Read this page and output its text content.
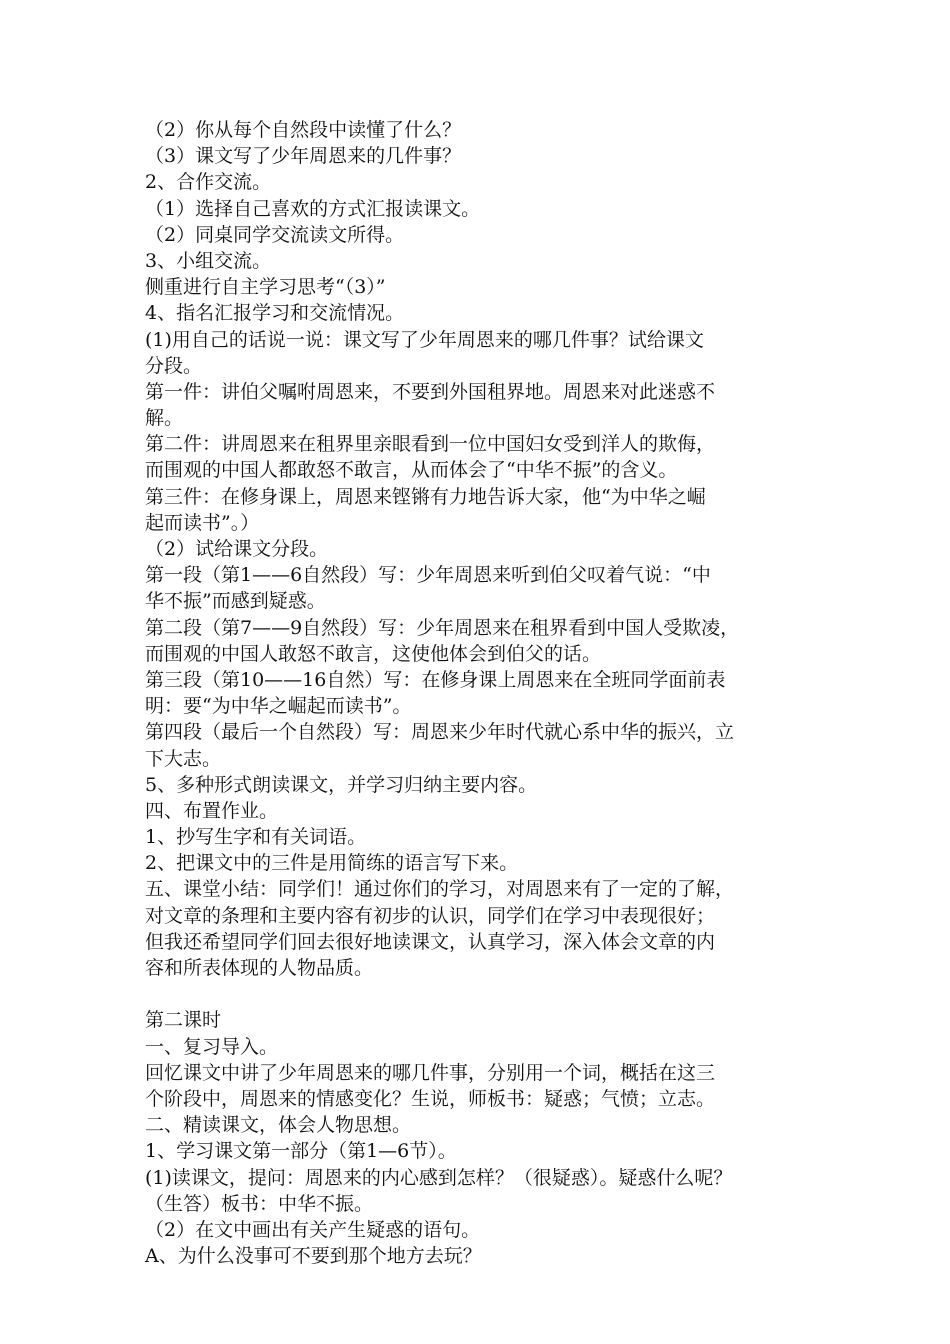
（2）你从每个自然段中读懂了什么？
（3）课文写了少年周恩来的几件事？
2、合作交流。
（1）选择自己喜欢的方式汇报读课文。
（2）同桌同学交流读文所得。
3、小组交流。
侧重进行自主学习思考“（3）”
4、指名汇报学习和交流情况。
(1)用自己的话说一说：课文写了少年周恩来的哪几件事？试给课文
分段。
第一件：讲伯父嘱咐周恩来，不要到外国租界地。周恩来对此迷惑不
解。
第二件：讲周恩来在租界里亲眼看到一位中国妇女受到洋人的欺侮，
而围观的中国人都敢怒不敢言，从而体会了“中华不振”的含义。
第三件：在修身课上，周恩来铿锵有力地告诉大家，他“为中华之崛
起而读书”。）
（2）试给课文分段。
第一段（第1——6自然段）写：少年周恩来听到伯父叹着气说：“中
华不振”而感到疑惑。
第二段（第7——9自然段）写：少年周恩来在租界看到中国人受欺凌，
而围观的中国人敢怒不敢言，这使他体会到伯父的话。
第三段（第10——16自然）写：在修身课上周恩来在全班同学面前表
明：要“为中华之崛起而读书”。
第四段（最后一个自然段）写：周恩来少年时代就心系中华的振兴，立
下大志。
5、多种形式朗读课文，并学习归纳主要内容。
四、布置作业。
1、抄写生字和有关词语。
2、把课文中的三件是用简练的语言写下来。
五、课堂小结：同学们！通过你们的学习，对周恩来有了一定的了解，
对文章的条理和主要内容有初步的认识，同学们在学习中表现很好；
但我还希望同学们回去很好地读课文，认真学习，深入体会文章的内
容和所表体现的人物品质。
第二课时
一、复习导入。
回忆课文中讲了少年周恩来的哪几件事，分别用一个词，概括在这三
个阶段中，周恩来的情感变化？生说，师板书：疑惑；气愤；立志。
二、精读课文，体会人物思想。
1、学习课文第一部分（第1—6节）。
(1)读课文，提问：周恩来的内心感到怎样？（很疑惑）。疑惑什么呢？
（生答）板书：中华不振。
（2）在文中画出有关产生疑惑的语句。
A、为什么没事可不要到那个地方去玩？
